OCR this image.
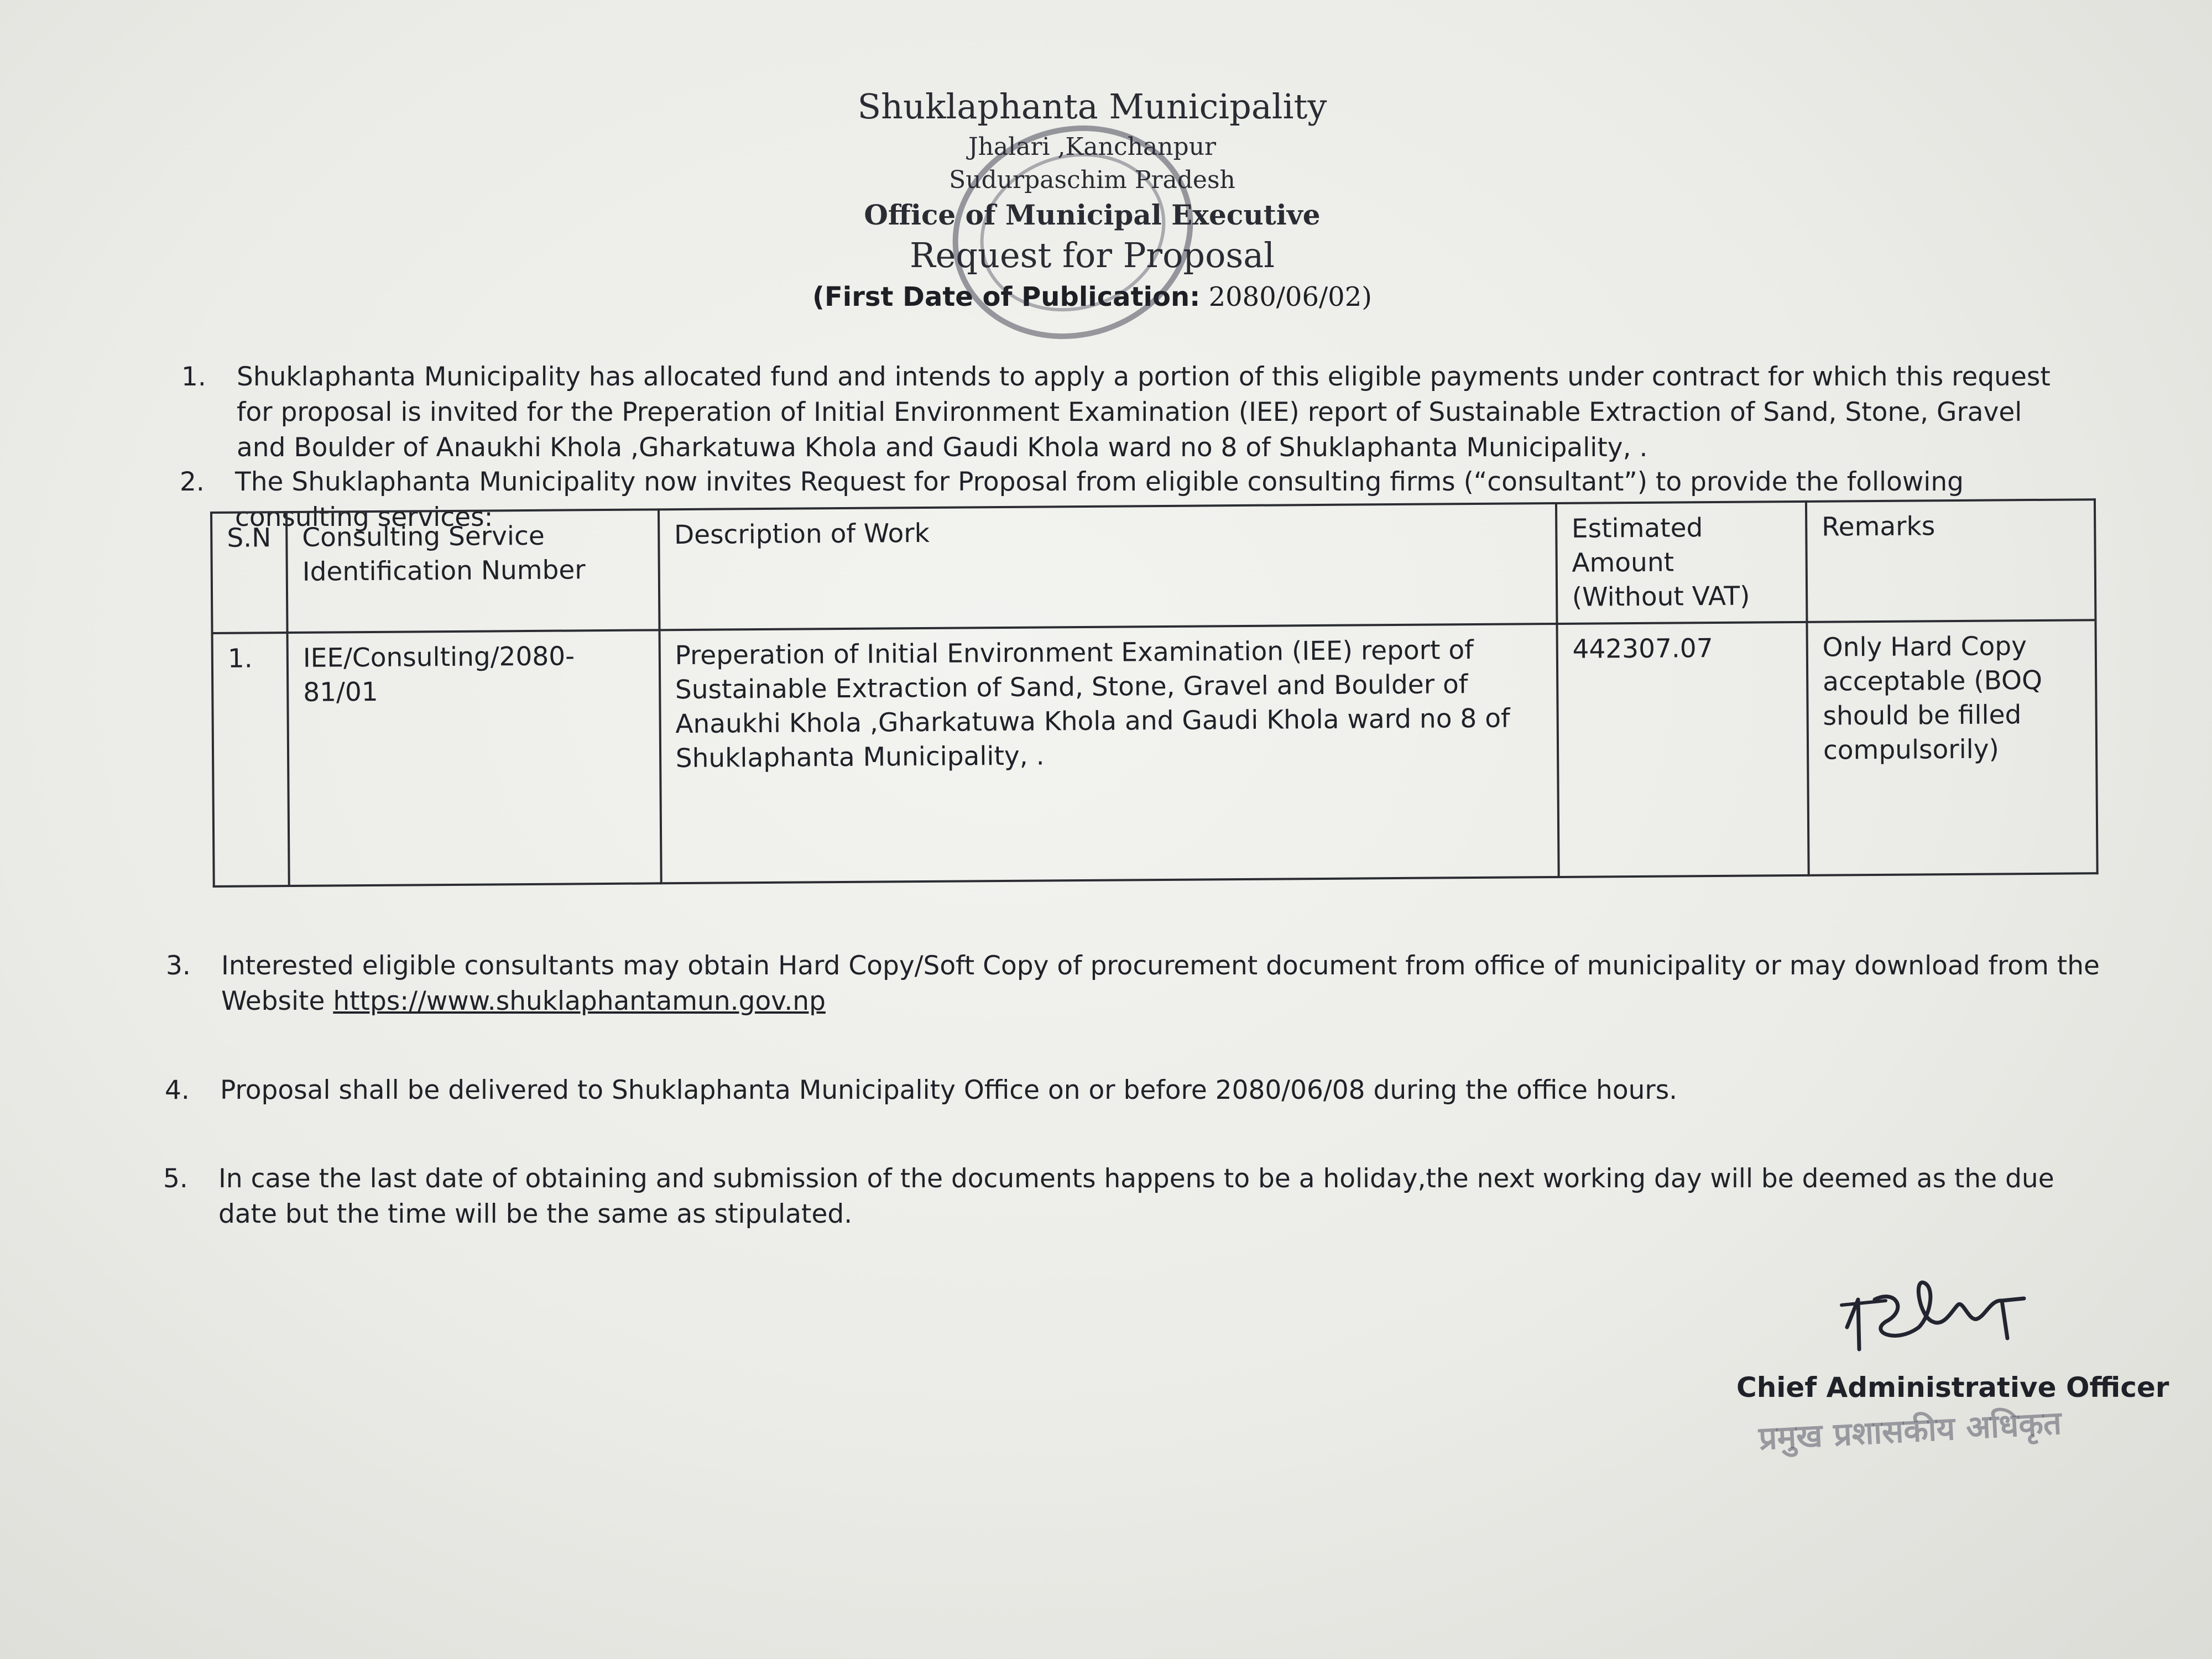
Shuklaphanta Municipality
Jhalari ,Kanchanpur
Sudurpaschim Pradesh
Office of Municipal Executive
Request for Proposal
(First Date of Publication: 2080/06/02)
1. Shuklaphanta Municipality has allocated fund and intends to apply a portion of this eligible payments under contract for which this request for proposal is invited for the Preperation of Initial Environment Examination (IEE) report of Sustainable Extraction of Sand, Stone, Gravel and Boulder of Anaukhi Khola ,Gharkatuwa Khola and Gaudi Khola ward no 8 of Shuklaphanta Municipality, .
2. The Shuklaphanta Municipality now invites Request for Proposal from eligible consulting firms (“consultant”) to provide the following consulting services:
S.N	Consulting Service Identification Number	Description of Work	Estimated Amount (Without VAT)	Remarks
1.	IEE/Consulting/2080-81/01	Preperation of Initial Environment Examination (IEE) report of Sustainable Extraction of Sand, Stone, Gravel and Boulder of Anaukhi Khola ,Gharkatuwa Khola and Gaudi Khola ward no 8 of Shuklaphanta Municipality, .	442307.07	Only Hard Copy acceptable (BOQ should be filled compulsorily)
3. Interested eligible consultants may obtain Hard Copy/Soft Copy of procurement document from office of municipality or may download from the Website https://www.shuklaphantamun.gov.np
4. Proposal shall be delivered to Shuklaphanta Municipality Office on or before 2080/06/08 during the office hours.
5. In case the last date of obtaining and submission of the documents happens to be a holiday,the next working day will be deemed as the due date but the time will be the same as stipulated.
Chief Administrative Officer
प्रमुख प्रशासकीय अधिकृत
